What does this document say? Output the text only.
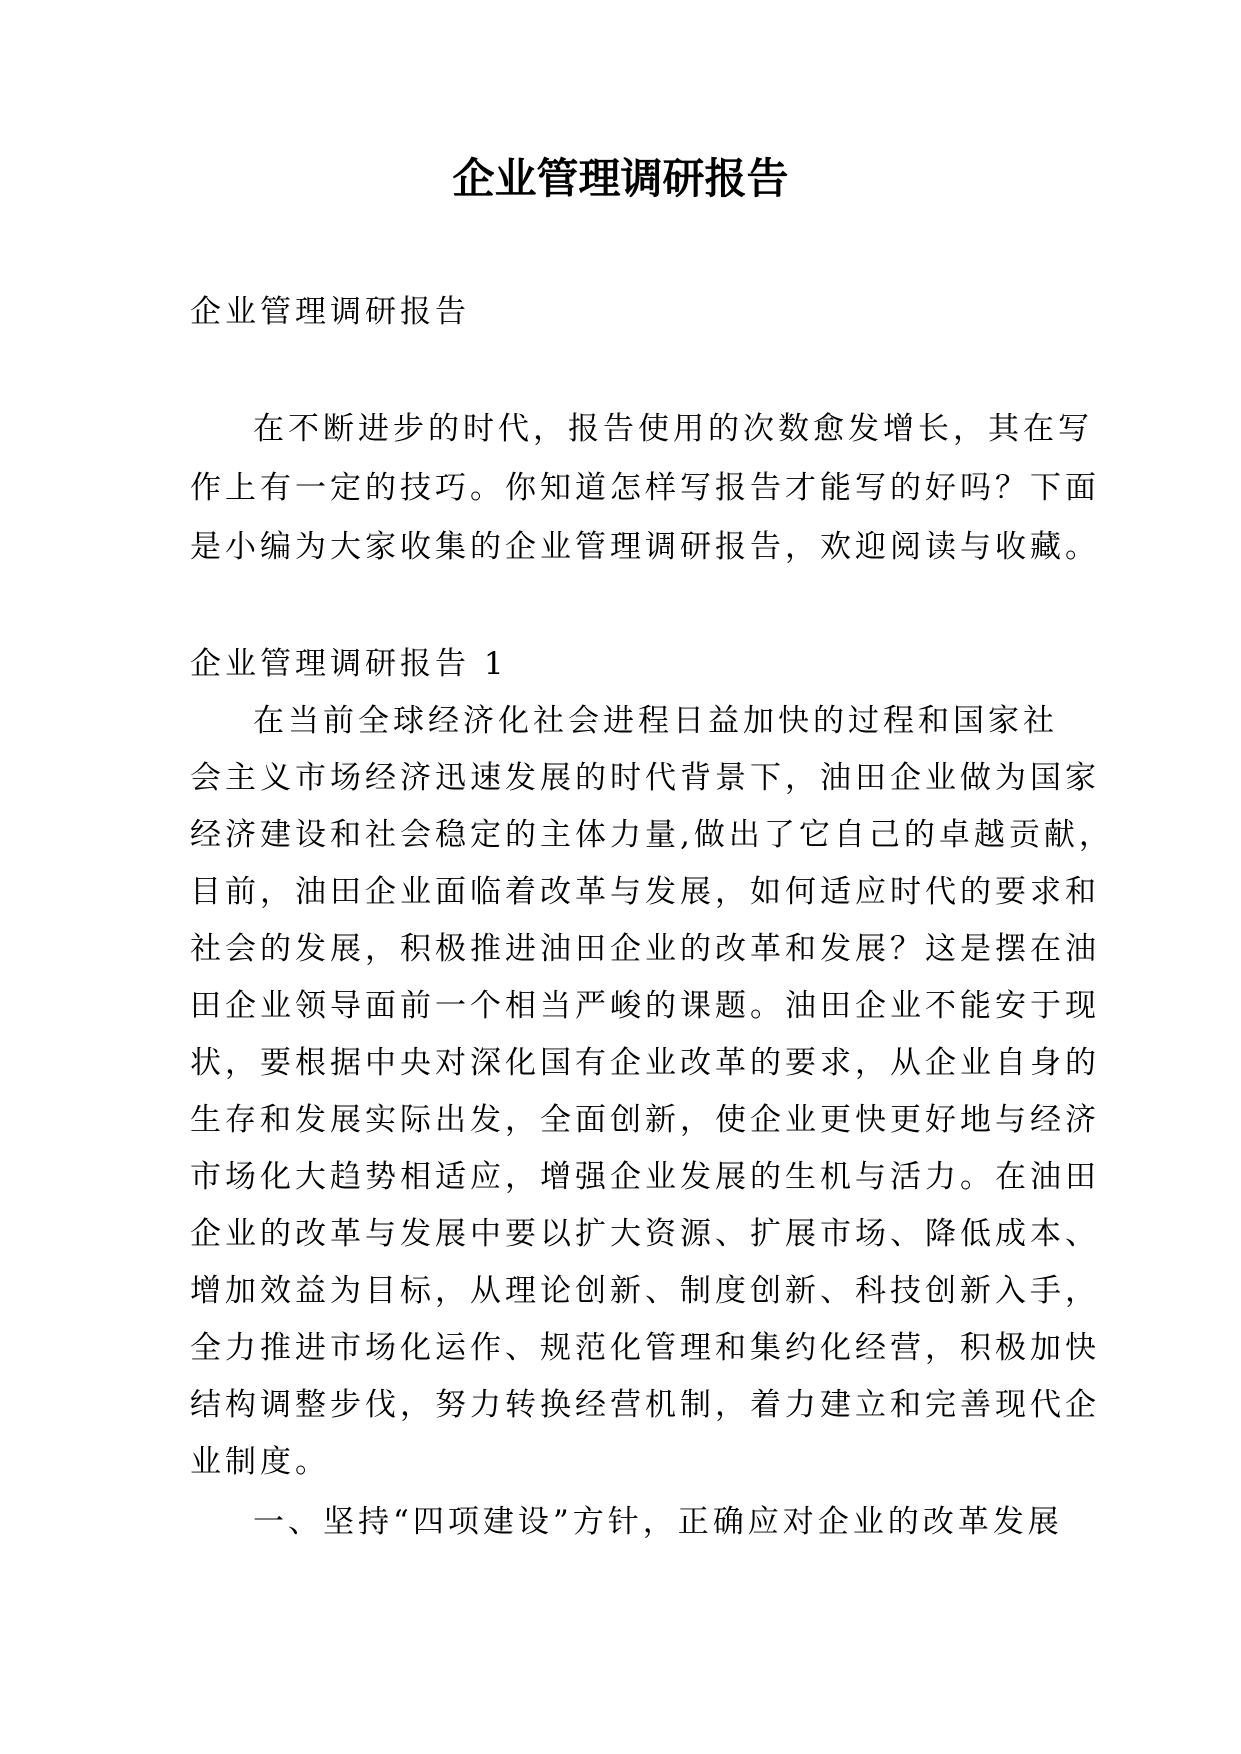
企业管理调研报告

企业管理调研报告

在不断进步的时代，报告使用的次数愈发增长，其在写

作上有一定的技巧。你知道怎样写报告才能写的好吗？下面

是小编为大家收集的企业管理调研报告，欢迎阅读与收藏。

企业管理调研报告 1

在当前全球经济化社会进程日益加快的过程和国家社

会主义市场经济迅速发展的时代背景下，油田企业做为国家

经济建设和社会稳定的主体力量,做出了它自己的卓越贡献，

目前，油田企业面临着改革与发展，如何适应时代的要求和

社会的发展，积极推进油田企业的改革和发展？这是摆在油

田企业领导面前一个相当严峻的课题。油田企业不能安于现

状，要根据中央对深化国有企业改革的要求，从企业自身的

生存和发展实际出发，全面创新，使企业更快更好地与经济

市场化大趋势相适应，增强企业发展的生机与活力。在油田

企业的改革与发展中要以扩大资源、扩展市场、降低成本、

增加效益为目标，从理论创新、制度创新、科技创新入手，

全力推进市场化运作、规范化管理和集约化经营，积极加快

结构调整步伐，努力转换经营机制，着力建立和完善现代企

业制度。

一、坚持“四项建设”方针，正确应对企业的改革发展
